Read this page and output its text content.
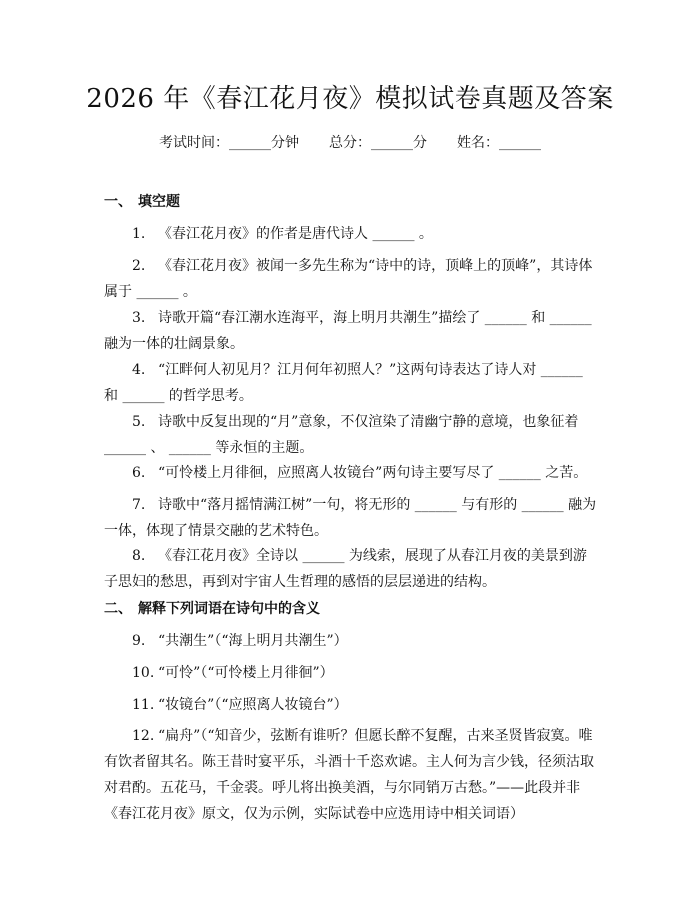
2026 年《春江花月夜》模拟试卷真题及答案
考试时间：______分钟 总分：______分 姓名：______
一、 填空题
1. 《春江花月夜》的作者是唐代诗人 ______ 。
2. 《春江花月夜》被闻一多先生称为“诗中的诗，顶峰上的顶峰”，其诗体属于 ______ 。
3. 诗歌开篇“春江潮水连海平，海上明月共潮生”描绘了 ______ 和 ______ 融为一体的壮阔景象。
4. “江畔何人初见月？江月何年初照人？”这两句诗表达了诗人对 ______ 和 ______ 的哲学思考。
5. 诗歌中反复出现的“月”意象，不仅渲染了清幽宁静的意境，也象征着 ______ 、 ______ 等永恒的主题。
6. “可怜楼上月徘徊，应照离人妆镜台”两句诗主要写尽了 ______ 之苦。
7. 诗歌中“落月摇情满江树”一句，将无形的 ______ 与有形的 ______ 融为一体，体现了情景交融的艺术特色。
8. 《春江花月夜》全诗以 ______ 为线索，展现了从春江月夜的美景到游子思妇的愁思，再到对宇宙人生哲理的感悟的层层递进的结构。
二、 解释下列词语在诗句中的含义
9. “共潮生”（“海上明月共潮生”）
10. “可怜”（“可怜楼上月徘徊”）
11. “妆镜台”（“应照离人妆镜台”）
12. “扁舟”（“知音少，弦断有谁听？但愿长醉不复醒，古来圣贤皆寂寞。唯有饮者留其名。陈王昔时宴平乐，斗酒十千恣欢谑。主人何为言少钱，径须沽取对君酌。五花马，千金裘。呼儿将出换美酒，与尔同销万古愁。”——此段并非《春江花月夜》原文，仅为示例，实际试卷中应选用诗中相关词语）
